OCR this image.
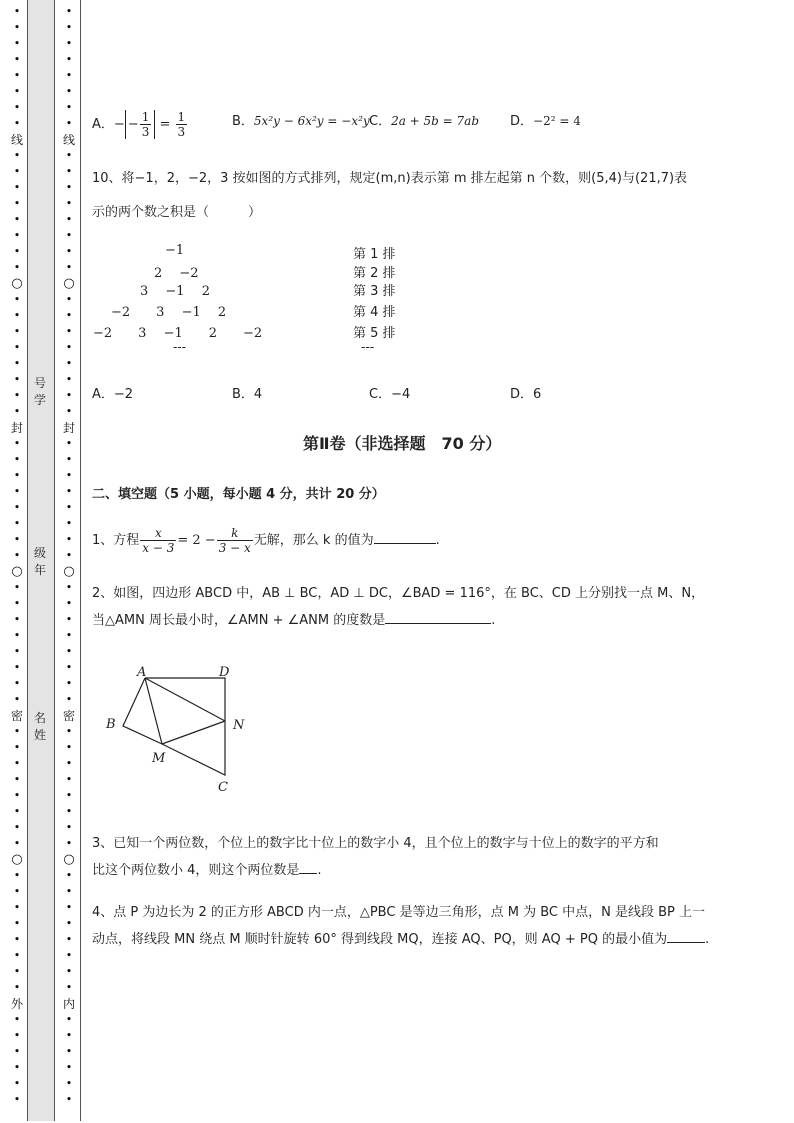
•
•
•
•
•
•
•
•
线
•
•
•
•
•
•
•
•
○
•
•
•
•
•
•
•
•
封
•
•
•
•
•
•
•
•
○
•
•
•
•
•
•
•
•
密
•
•
•
•
•
•
•
•
○
•
•
•
•
•
•
•
•
外
•
•
•
•
•
•
•
•
•
•
•
•
•
•
线
•
•
•
•
•
•
•
•
○
•
•
•
•
•
•
•
•
封
•
•
•
•
•
•
•
•
○
•
•
•
•
•
•
•
•
密
•
•
•
•
•
•
•
•
○
•
•
•
•
•
•
•
•
内
•
•
•
•
•
•
号
学
级
年
名
姓
A．− − $\frac{1}{3} = \frac{1}{3}$	B．5x²y − 6x²y = −x²y C．2a + 5b = 7ab D．−2² = 4
10、将−1，2，−2，3 按如图的方式排列，规定(m,n)表示第 m 排左起第 n 个数，则(5,4)与(21,7)表
示的两个数之积是（　　　）
−1
2　 −2
3　 −1　 2
−2　　3　 −1　 2
−2　　3　 −1　　2　　−2
---
第 1 排
第 2 排
第 3 排
第 4 排
第 5 排
---
A．−2	B．4	C．−4	D．6
第Ⅱ卷（非选择题　70 分）
二、填空题（5 小题，每小题 4 分，共计 20 分）
1、方程 $\frac{x}{x - 3} = 2 - \frac{k}{3 - x}$ 无解，那么 k 的值为	.
2、如图，四边形 ABCD 中，AB ⊥ BC，AD ⊥ DC，∠BAD = 116°，在 BC、CD 上分别找一点 M、N，
当△AMN 周长最小时，∠AMN + ∠ANM 的度数是	.
A	D
B	N
M
C
3、已知一个两位数，个位上的数字比十位上的数字小 4，且个位上的数字与十位上的数字的平方和
比这个两位数小 4，则这个两位数是 .
4、点 P 为边长为 2 的正方形 ABCD 内一点，△PBC 是等边三角形，点 M 为 BC 中点，N 是线段 BP 上一
动点，将线段 MN 绕点 M 顺时针旋转 60° 得到线段 MQ，连接 AQ、PQ，则 AQ + PQ 的最小值为	.
